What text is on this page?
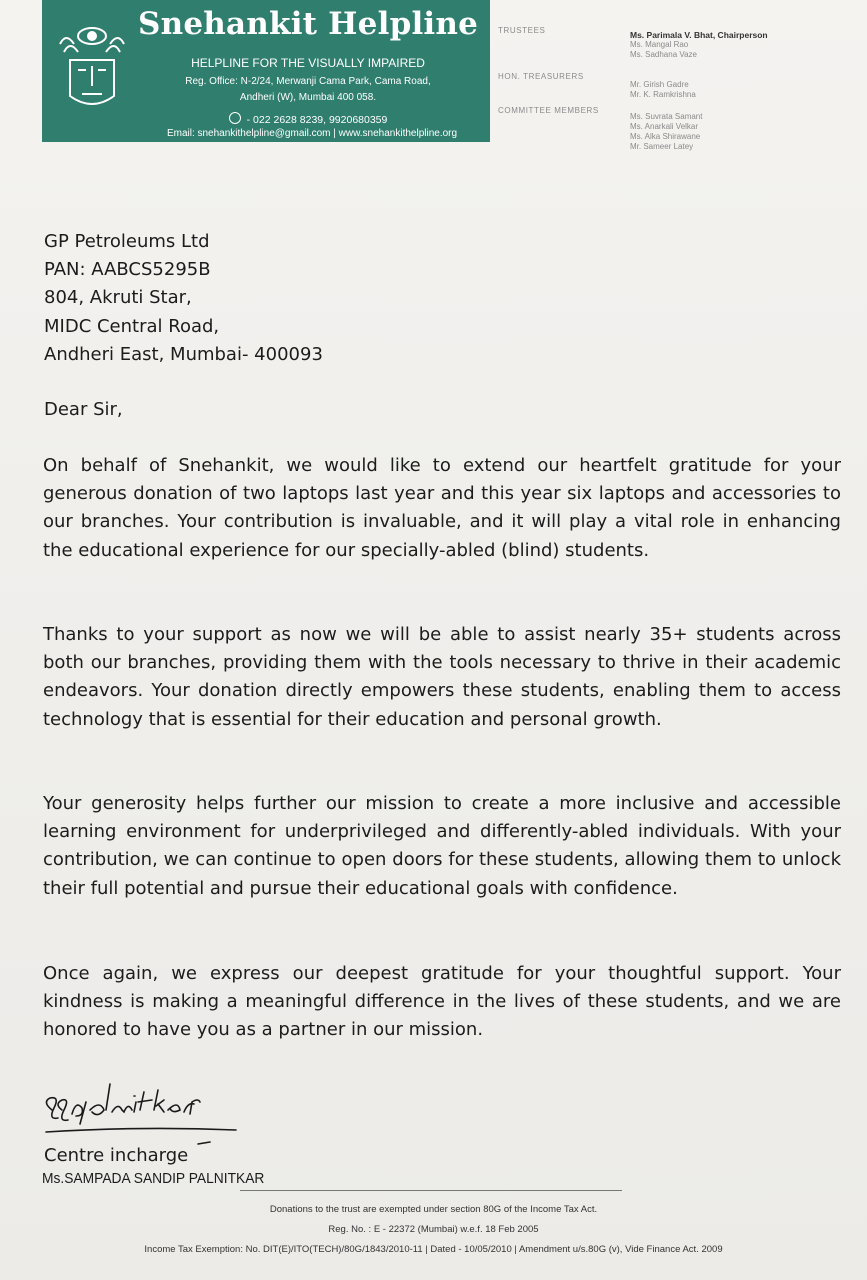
Snehankit Helpline
HELPLINE FOR THE VISUALLY IMPAIRED
Reg. Office: N-2/24, Merwanji Cama Park, Cama Road,
Andheri (W), Mumbai 400 058.
- 022 2628 8239, 9920680359
Email: snehankithelpline@gmail.com | www.snehankithelpline.org
TRUSTEES	Ms. Parimala V. Bhat, Chairperson
Ms. Mangal Rao
Ms. Sadhana Vaze
HON. TREASURERS
Mr. Girish Gadre
Mr. K. Ramkrishna
COMMITTEE MEMBERS
Ms. Suvrata Samant
Ms. Anarkali Velkar
Ms. Alka Shirawane
Mr. Sameer Latey
GP Petroleums Ltd
PAN: AABCS5295B
804, Akruti Star,
MIDC Central Road,
Andheri East, Mumbai- 400093
Dear Sir,
On behalf of Snehankit, we would like to extend our heartfelt gratitude for your generous donation of two laptops last year and this year six laptops and accessories to our branches. Your contribution is invaluable, and it will play a vital role in enhancing the educational experience for our specially-abled (blind) students.
Thanks to your support as now we will be able to assist nearly 35+ students across both our branches, providing them with the tools necessary to thrive in their academic endeavors. Your donation directly empowers these students, enabling them to access technology that is essential for their education and personal growth.
Your generosity helps further our mission to create a more inclusive and accessible learning environment for underprivileged and differently-abled individuals. With your contribution, we can continue to open doors for these students, allowing them to unlock their full potential and pursue their educational goals with confidence.
Once again, we express our deepest gratitude for your thoughtful support. Your kindness is making a meaningful difference in the lives of these students, and we are honored to have you as a partner in our mission.
Centre incharge
Ms.SAMPADA SANDIP PALNITKAR
Donations to the trust are exempted under section 80G of the Income Tax Act.
Reg. No. : E - 22372 (Mumbai) w.e.f. 18 Feb 2005
Income Tax Exemption: No. DIT(E)/ITO(TECH)/80G/1843/2010-11 | Dated - 10/05/2010 | Amendment u/s.80G (v), Vide Finance Act. 2009
